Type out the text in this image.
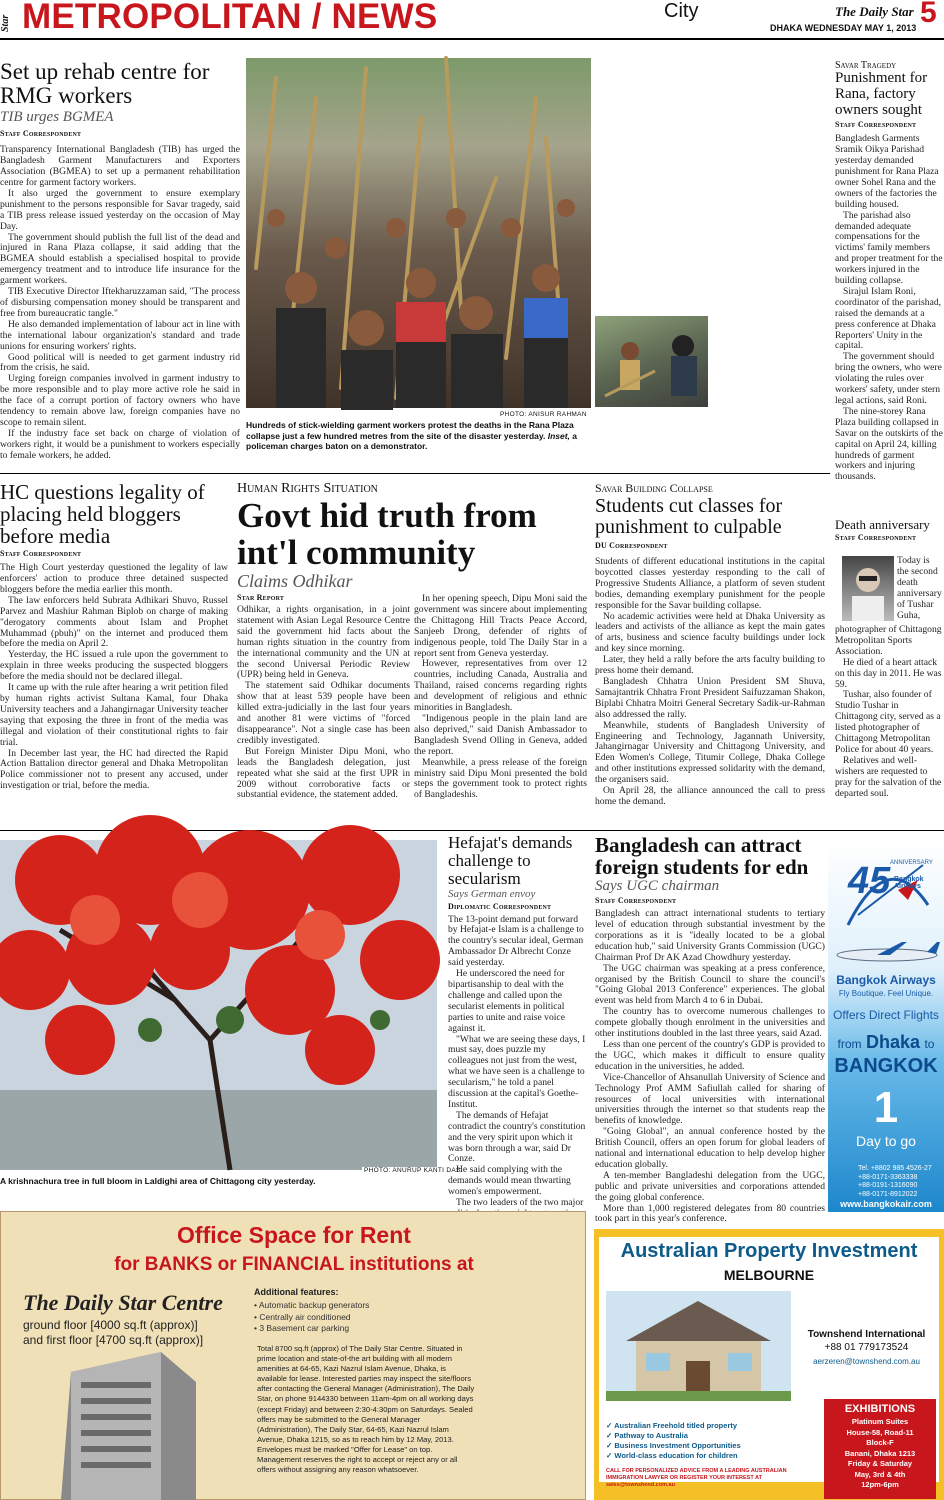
Star METROPOLITAN / NEWS	City	The Daily Star
DHAKA WEDNESDAY MAY 1, 2013 5
Set up rehab centre for RMG workers
TIB urges BGMEA
Staff Correspondent

Transparency International Bangladesh (TIB) has urged the Bangladesh Garment Manufacturers and Exporters Association (BGMEA) to set up a permanent rehabilitation centre for garment factory workers.

It also urged the government to ensure exemplary punishment to the persons responsible for Savar tragedy, said a TIB press release issued yesterday on the occasion of May Day.

The government should publish the full list of the dead and injured in Rana Plaza collapse, it said adding that the BGMEA should establish a specialised hospital to provide emergency treatment and to introduce life insurance for the garment workers.

TIB Executive Director Iftekharuzzaman said, "The process of disbursing compensation money should be transparent and free from bureaucratic tangle."

He also demanded implementation of labour act in line with the international labour organization's standard and trade unions for ensuring workers' rights.

Good political will is needed to get garment industry rid from the crisis, he said.

Urging foreign companies involved in garment industry to be more responsible and to play more active role he said in the face of a corrupt portion of factory owners who have tendency to remain above law, foreign companies have no scope to remain silent.

If the industry face set back on charge of violation of workers right, it would be a punishment to workers especially to female workers, he added.

PHOTO: ANISUR RAHMAN
Hundreds of stick-wielding garment workers protest the deaths in the Rana Plaza collapse just a few hundred metres from the site of the disaster yesterday. Inset, a policeman charges baton on a demonstrator.
Savar Tragedy
Punishment for Rana, factory owners sought
Staff Correspondent

Bangladesh Garments Sramik Oikya Parishad yesterday demanded punishment for Rana Plaza owner Sohel Rana and the owners of the factories the building housed.

The parishad also demanded adequate compensations for the victims' family members and proper treatment for the workers injured in the building collapse.

Sirajul Islam Roni, coordinator of the parishad, raised the demands at a press conference at Dhaka Reporters' Unity in the capital.

The government should bring the owners, who were violating the rules over workers' safety, under stern legal actions, said Roni.

The nine-storey Rana Plaza building collapsed in Savar on the outskirts of the capital on April 24, killing hundreds of garment workers and injuring thousands.

HC questions legality of placing held bloggers before media
Staff Correspondent

The High Court yesterday questioned the legality of law enforcers' action to produce three detained suspected bloggers before the media earlier this month.

The law enforcers held Subrata Adhikari Shuvo, Russel Parvez and Mashiur Rahman Biplob on charge of making "derogatory comments about Islam and Prophet Muhammad (pbuh)" on the internet and produced them before the media on April 2.

Yesterday, the HC issued a rule upon the government to explain in three weeks producing the suspected bloggers before the media should not be declared illegal.

It came up with the rule after hearing a writ petition filed by human rights activist Sultana Kamal, four Dhaka University teachers and a Jahangirnagar University teacher saying that exposing the three in front of the media was illegal and violation of their constitutional rights to fair trial.

In December last year, the HC had directed the Rapid Action Battalion director general and Dhaka Metropolitan Police commissioner not to present any accused, under investigation or trial, before the media.

Human Rights Situation
Govt hid truth from int'l community
Claims Odhikar
Star Report

Odhikar, a rights organisation, in a joint statement with Asian Legal Resource Centre said the government hid facts about the human rights situation in the country from the international community and the UN at the second Universal Periodic Review (UPR) being held in Geneva.

The statement said Odhikar documents show that at least 539 people have been killed extra-judicially in the last four years and another 81 were victims of "forced disappearance". Not a single case has been credibly investigated.

But Foreign Minister Dipu Moni, who leads the Bangladesh delegation, just repeated what she said at the first UPR in 2009 without corroborative facts or substantial evidence, the statement added.

In her opening speech, Dipu Moni said the government was sincere about implementing the Chittagong Hill Tracts Peace Accord, Sanjeeb Drong, defender of rights of indigenous people, told The Daily Star in a report sent from Geneva yesterday.

However, representatives from over 12 countries, including Canada, Australia and Thailand, raised concerns regarding rights and development of religious and ethnic minorities in Bangladesh.

"Indigenous people in the plain land are also deprived," said Danish Ambassador to Bangladesh Svend Olling in Geneva, added the report.

Meanwhile, a press release of the foreign ministry said Dipu Moni presented the bold steps the government took to protect rights of Bangladeshis.

Savar Building Collapse
Students cut classes for punishment to culpable
DU Correspondent

Students of different educational institutions in the capital boycotted classes yesterday responding to the call of Progressive Students Alliance, a platform of seven student bodies, demanding exemplary punishment for the people responsible for the Savar building collapse.

No academic activities were held at Dhaka University as leaders and activists of the alliance as kept the main gates of arts, business and science faculty buildings under lock and key since morning.

Later, they held a rally before the arts faculty building to press home their demand.

Bangladesh Chhatra Union President SM Shuva, Samajtantrik Chhatra Front President Saifuzzaman Shakon, Biplabi Chhatra Moitri General Secretary Sadik-ur-Rahman also addressed the rally.

Meanwhile, students of Bangladesh University of Engineering and Technology, Jagannath University, Jahangirnagar University and Chittagong University, and Eden Women's College, Titumir College, Dhaka College and other institutions expressed solidarity with the demand, the organisers said.

On April 28, the alliance announced the call to press home the demand.

Death anniversary
Staff Correspondent
Today is the second death anniversary of Tushar Guha,

photographer of Chittagong Metropolitan Sports Association.

He died of a heart attack on this day in 2011. He was 59.

Tushar, also founder of Studio Tushar in Chittagong city, served as a listed photographer of Chittagong Metropolitan Police for about 40 years.

Relatives and well-wishers are requested to pray for the salvation of the departed soul.

PHOTO: ANURUP KANTI DAS
A krishnachura tree in full bloom in Laldighi area of Chittagong city yesterday.
Hefajat's demands challenge to secularism
Says German envoy
Diplomatic Correspondent

The 13-point demand put forward by Hefajat-e Islam is a challenge to the country's secular ideal, German Ambassador Dr Albrecht Conze said yesterday.

He underscored the need for bipartisanship to deal with the challenge and called upon the secularist elements in political parties to unite and raise voice against it.

"What we are seeing these days, I must say, does puzzle my colleagues not just from the west, what we have seen is a challenge to secularism," he told a panel discussion at the capital's Goethe-Institut.

The demands of Hefajat contradict the country's constitution and the very spirit upon which it was born through a war, said Dr Conze.

He said complying with the demands would mean thwarting women's empowerment.

The two leaders of the two major

Bangladesh can attract foreign students for edn
Says UGC chairman
Staff Correspondent

Bangladesh can attract international students to tertiary level of education through substantial investment by the corporations as it is "ideally located to be a global education hub," said University Grants Commission (UGC) Chairman Prof Dr AK Azad Chowdhury yesterday.

The UGC chairman was speaking at a press conference, organised by the British Council to share the council's "Going Global 2013 Conference" experiences. The global event was held from March 4 to 6 in Dubai.

The country has to overcome numerous challenges to compete globally though enrolment in the universities and other institutions doubled in the last three years, said Azad.

Less than one percent of the country's GDP is provided to the UGC, which makes it difficult to ensure quality education in the universities, he added.

Vice-Chancellor of Ahsanullah University of Science and Technology Prof AMM Safiullah called for sharing of resources of local universities with international universities through the internet so that students reap the benefits of knowledge.

"Going Global", an annual conference hosted by the British Council, offers an open forum for global leaders of national and international education to help develop higher education globally.

A ten-member Bangladeshi delegation from the UGC, public and private universities and corporations attended the going global conference.

More than 1,000 registered delegates from 80 countries took part in this year's conference.

45 ANNIVERSARY
Bangkok Airways
Bangkok Airways
Fly Boutique. Feel Unique.
Offers Direct Flights
from Dhaka to
BANGKOK
1
Day to go
Tel. +8802 985 4526-27
+88-0171-3363338
+88-0191-1316090
+88-0171-8912022
www.bangkokair.com
Office Space for Rent
for BANKS or FINANCIAL institutions at
The Daily Star Centre
ground floor [4000 sq.ft (approx)]
and first floor [4700 sq.ft (approx)]
Additional features:
• Automatic backup generators
• Centrally air conditioned
• 3 Basement car parking
Total 8700 sq.ft (approx) of The Daily Star Centre. Situated in prime location and state-of-the art building with all modern amenities at 64-65, Kazi Nazrul Islam Avenue, Dhaka, is available for lease. Interested parties may inspect the site/floors after contacting the General Manager (Administration), The Daily Star, on phone 9144330 between 11am-4pm on all working days (except Friday) and between 2:30-4:30pm on Saturdays. Sealed offers may be submitted to the General Manager (Administration), The Daily Star, 64-65, Kazi Nazrul Islam Avenue, Dhaka 1215, so as to reach him by 12 May, 2013. Envelopes must be marked "Offer for Lease" on top. Management reserves the right to accept or reject any or all offers without assigning any reason whatsoever.
Australian Property Investment
MELBOURNE
Townshend International
+88 01 779173524
aerzeren@townshend.com.au
✓ Australian Freehold titled property
✓ Pathway to Australia
✓ Business Investment Opportunities
✓ World-class education for children
CALL FOR PERSONALIZED ADVICE FROM A LEADING AUSTRALIAN IMMIGRATION LAWYER OR REGISTER YOUR INTEREST AT sales@townshend.com.au
EXHIBITIONS
Platinum Suites
House-58, Road-11
Block-F
Banani, Dhaka 1213
Friday & Saturday
May, 3rd & 4th
12pm-6pm
